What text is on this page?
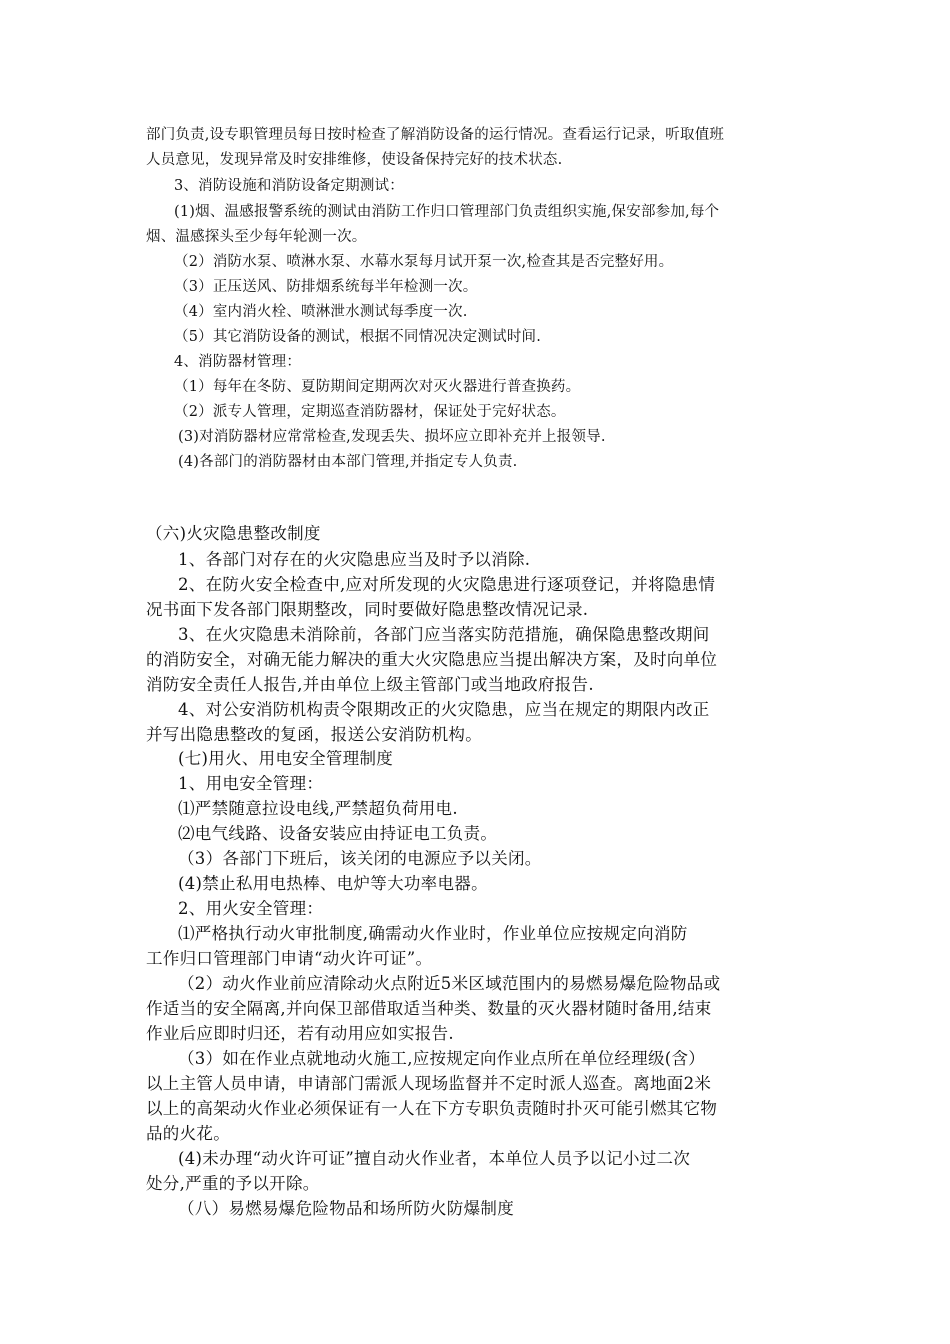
部门负责,设专职管理员每日按时检查了解消防设备的运行情况。查看运行记录，听取值班
人员意见，发现异常及时安排维修，使设备保持完好的技术状态.
3、消防设施和消防设备定期测试：
(1)烟、温感报警系统的测试由消防工作归口管理部门负责组织实施,保安部参加,每个
烟、温感探头至少每年轮测一次。
（2）消防水泵、喷淋水泵、水幕水泵每月试开泵一次,检查其是否完整好用。
（3）正压送风、防排烟系统每半年检测一次。
（4）室内消火栓、喷淋泄水测试每季度一次.
（5）其它消防设备的测试，根据不同情况决定测试时间.
4、消防器材管理：
（1）每年在冬防、夏防期间定期两次对灭火器进行普查换药。
（2）派专人管理，定期巡查消防器材，保证处于完好状态。
(3)对消防器材应常常检查,发现丢失、损坏应立即补充并上报领导.
(4)各部门的消防器材由本部门管理,并指定专人负责.
（六)火灾隐患整改制度
1、各部门对存在的火灾隐患应当及时予以消除.
2、在防火安全检查中,应对所发现的火灾隐患进行逐项登记，并将隐患情
况书面下发各部门限期整改，同时要做好隐患整改情况记录.
3、在火灾隐患未消除前，各部门应当落实防范措施，确保隐患整改期间
的消防安全，对确无能力解决的重大火灾隐患应当提出解决方案，及时向单位
消防安全责任人报告,并由单位上级主管部门或当地政府报告.
4、对公安消防机构责令限期改正的火灾隐患，应当在规定的期限内改正
并写出隐患整改的复函，报送公安消防机构。
(七)用火、用电安全管理制度
1、用电安全管理：
⑴严禁随意拉设电线,严禁超负荷用电.
⑵电气线路、设备安装应由持证电工负责。
（3）各部门下班后，该关闭的电源应予以关闭。
(4)禁止私用电热棒、电炉等大功率电器。
2、用火安全管理：
⑴严格执行动火审批制度,确需动火作业时，作业单位应按规定向消防
工作归口管理部门申请“动火许可证”。
（2）动火作业前应清除动火点附近5米区域范围内的易燃易爆危险物品或
作适当的安全隔离,并向保卫部借取适当种类、数量的灭火器材随时备用,结束
作业后应即时归还，若有动用应如实报告.
（3）如在作业点就地动火施工,应按规定向作业点所在单位经理级(含）
以上主管人员申请，申请部门需派人现场监督并不定时派人巡查。离地面2米
以上的高架动火作业必须保证有一人在下方专职负责随时扑灭可能引燃其它物
品的火花。
(4)未办理“动火许可证”擅自动火作业者，本单位人员予以记小过二次
处分,严重的予以开除。
（八）易燃易爆危险物品和场所防火防爆制度
